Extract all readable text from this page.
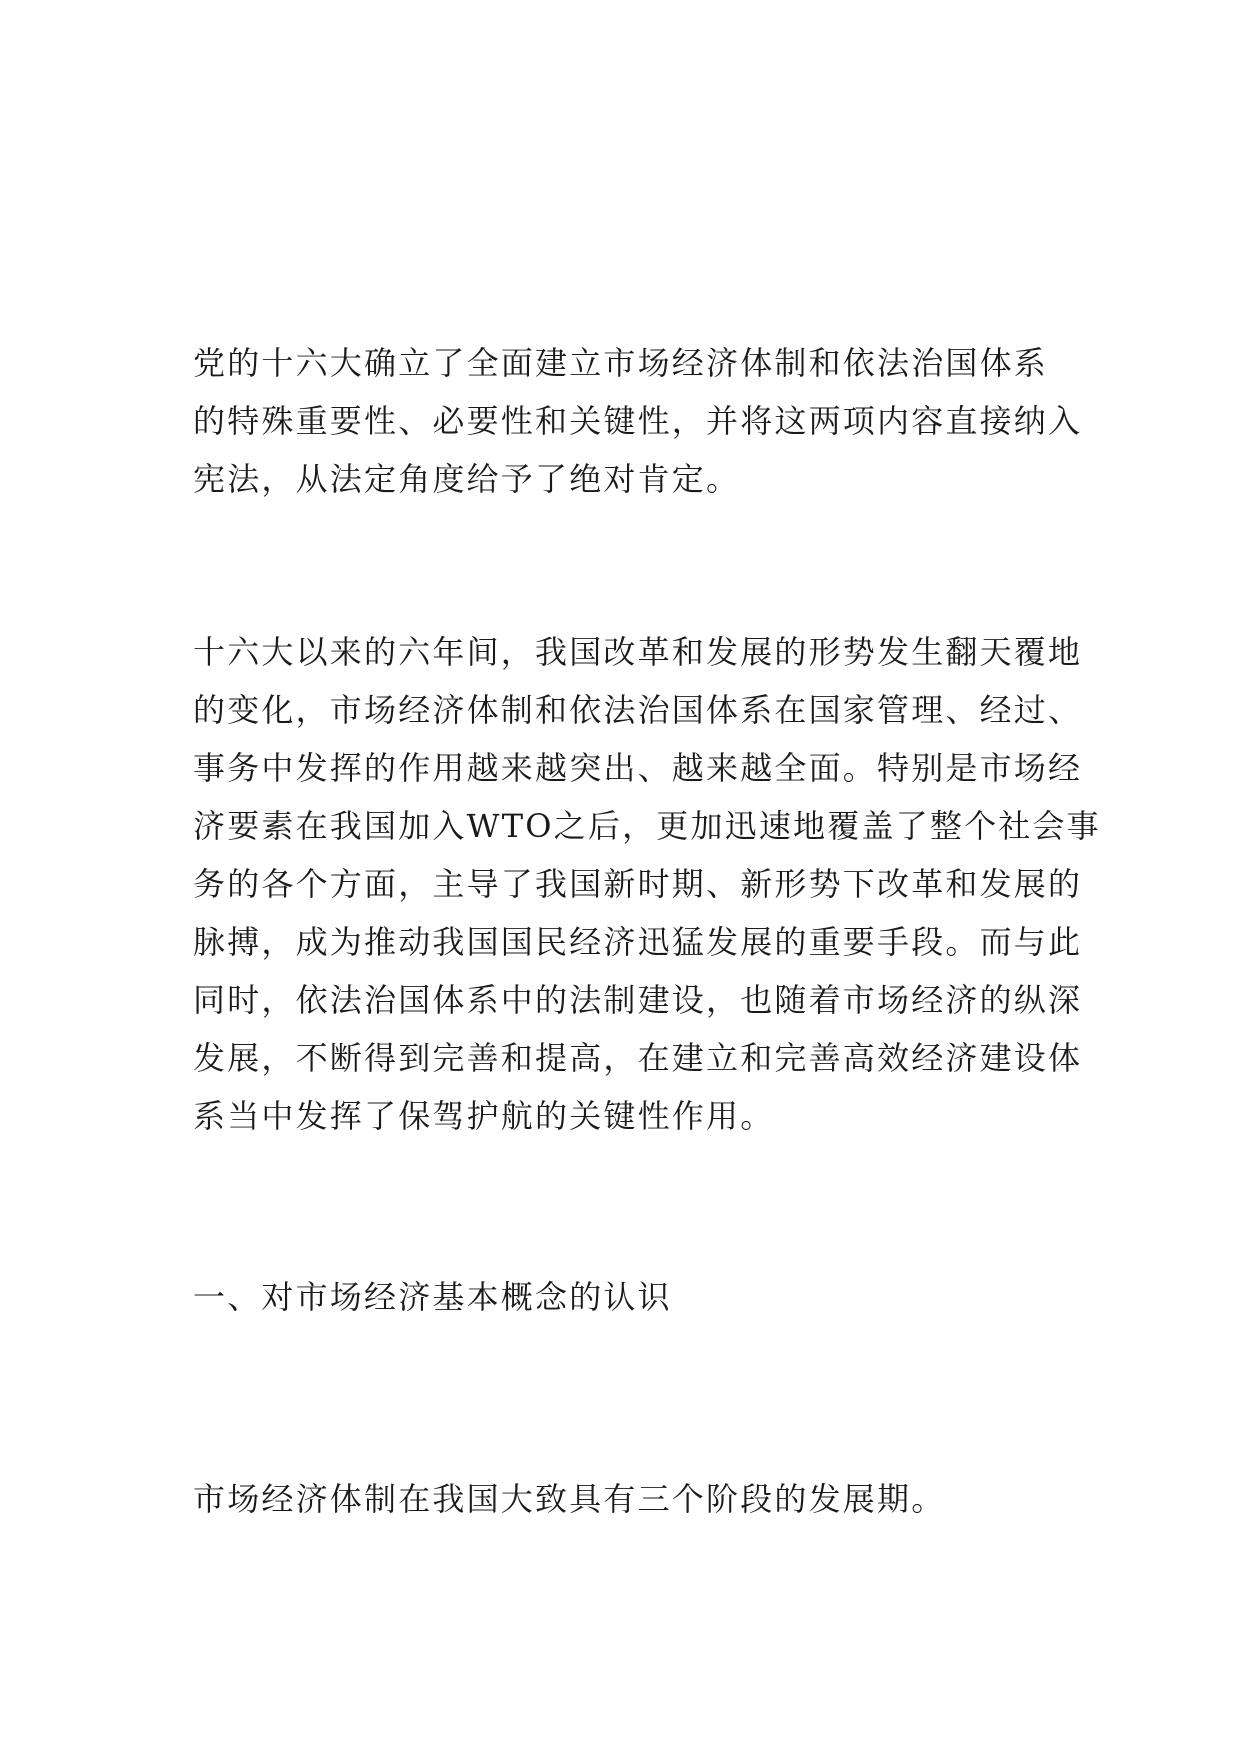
党的十六大确立了全面建立市场经济体制和依法治国体系
的特殊重要性、必要性和关键性，并将这两项内容直接纳入
宪法，从法定角度给予了绝对肯定。

十六大以来的六年间，我国改革和发展的形势发生翻天覆地
的变化，市场经济体制和依法治国体系在国家管理、经过、
事务中发挥的作用越来越突出、越来越全面。特别是市场经
济要素在我国加入WTO之后，更加迅速地覆盖了整个社会事
务的各个方面，主导了我国新时期、新形势下改革和发展的
脉搏，成为推动我国国民经济迅猛发展的重要手段。而与此
同时，依法治国体系中的法制建设，也随着市场经济的纵深
发展，不断得到完善和提高，在建立和完善高效经济建设体
系当中发挥了保驾护航的关键性作用。

一、对市场经济基本概念的认识

市场经济体制在我国大致具有三个阶段的发展期。
